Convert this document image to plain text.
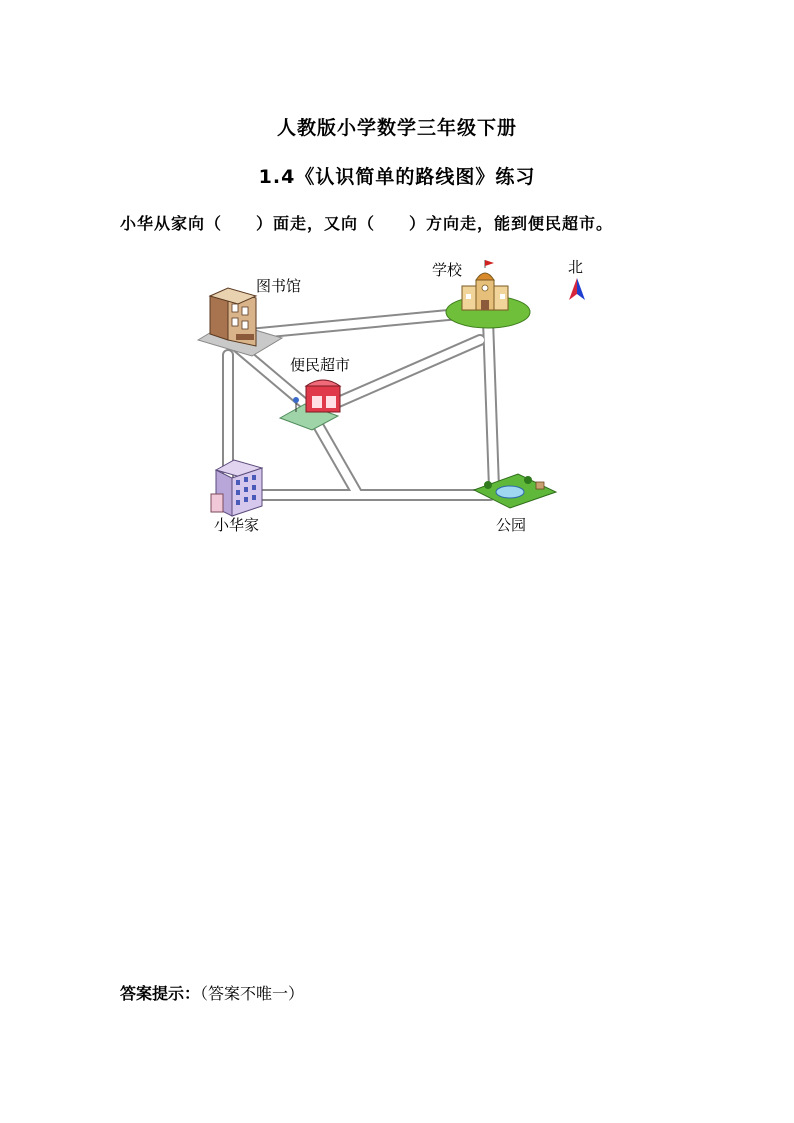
人教版小学数学三年级下册
1.4《认识简单的路线图》练习
小华从家向（　　）面走，又向（　　）方向走，能到便民超市。
图书馆
学校	北
便民超市
小华家	公园
答案提示：（答案不唯一）
